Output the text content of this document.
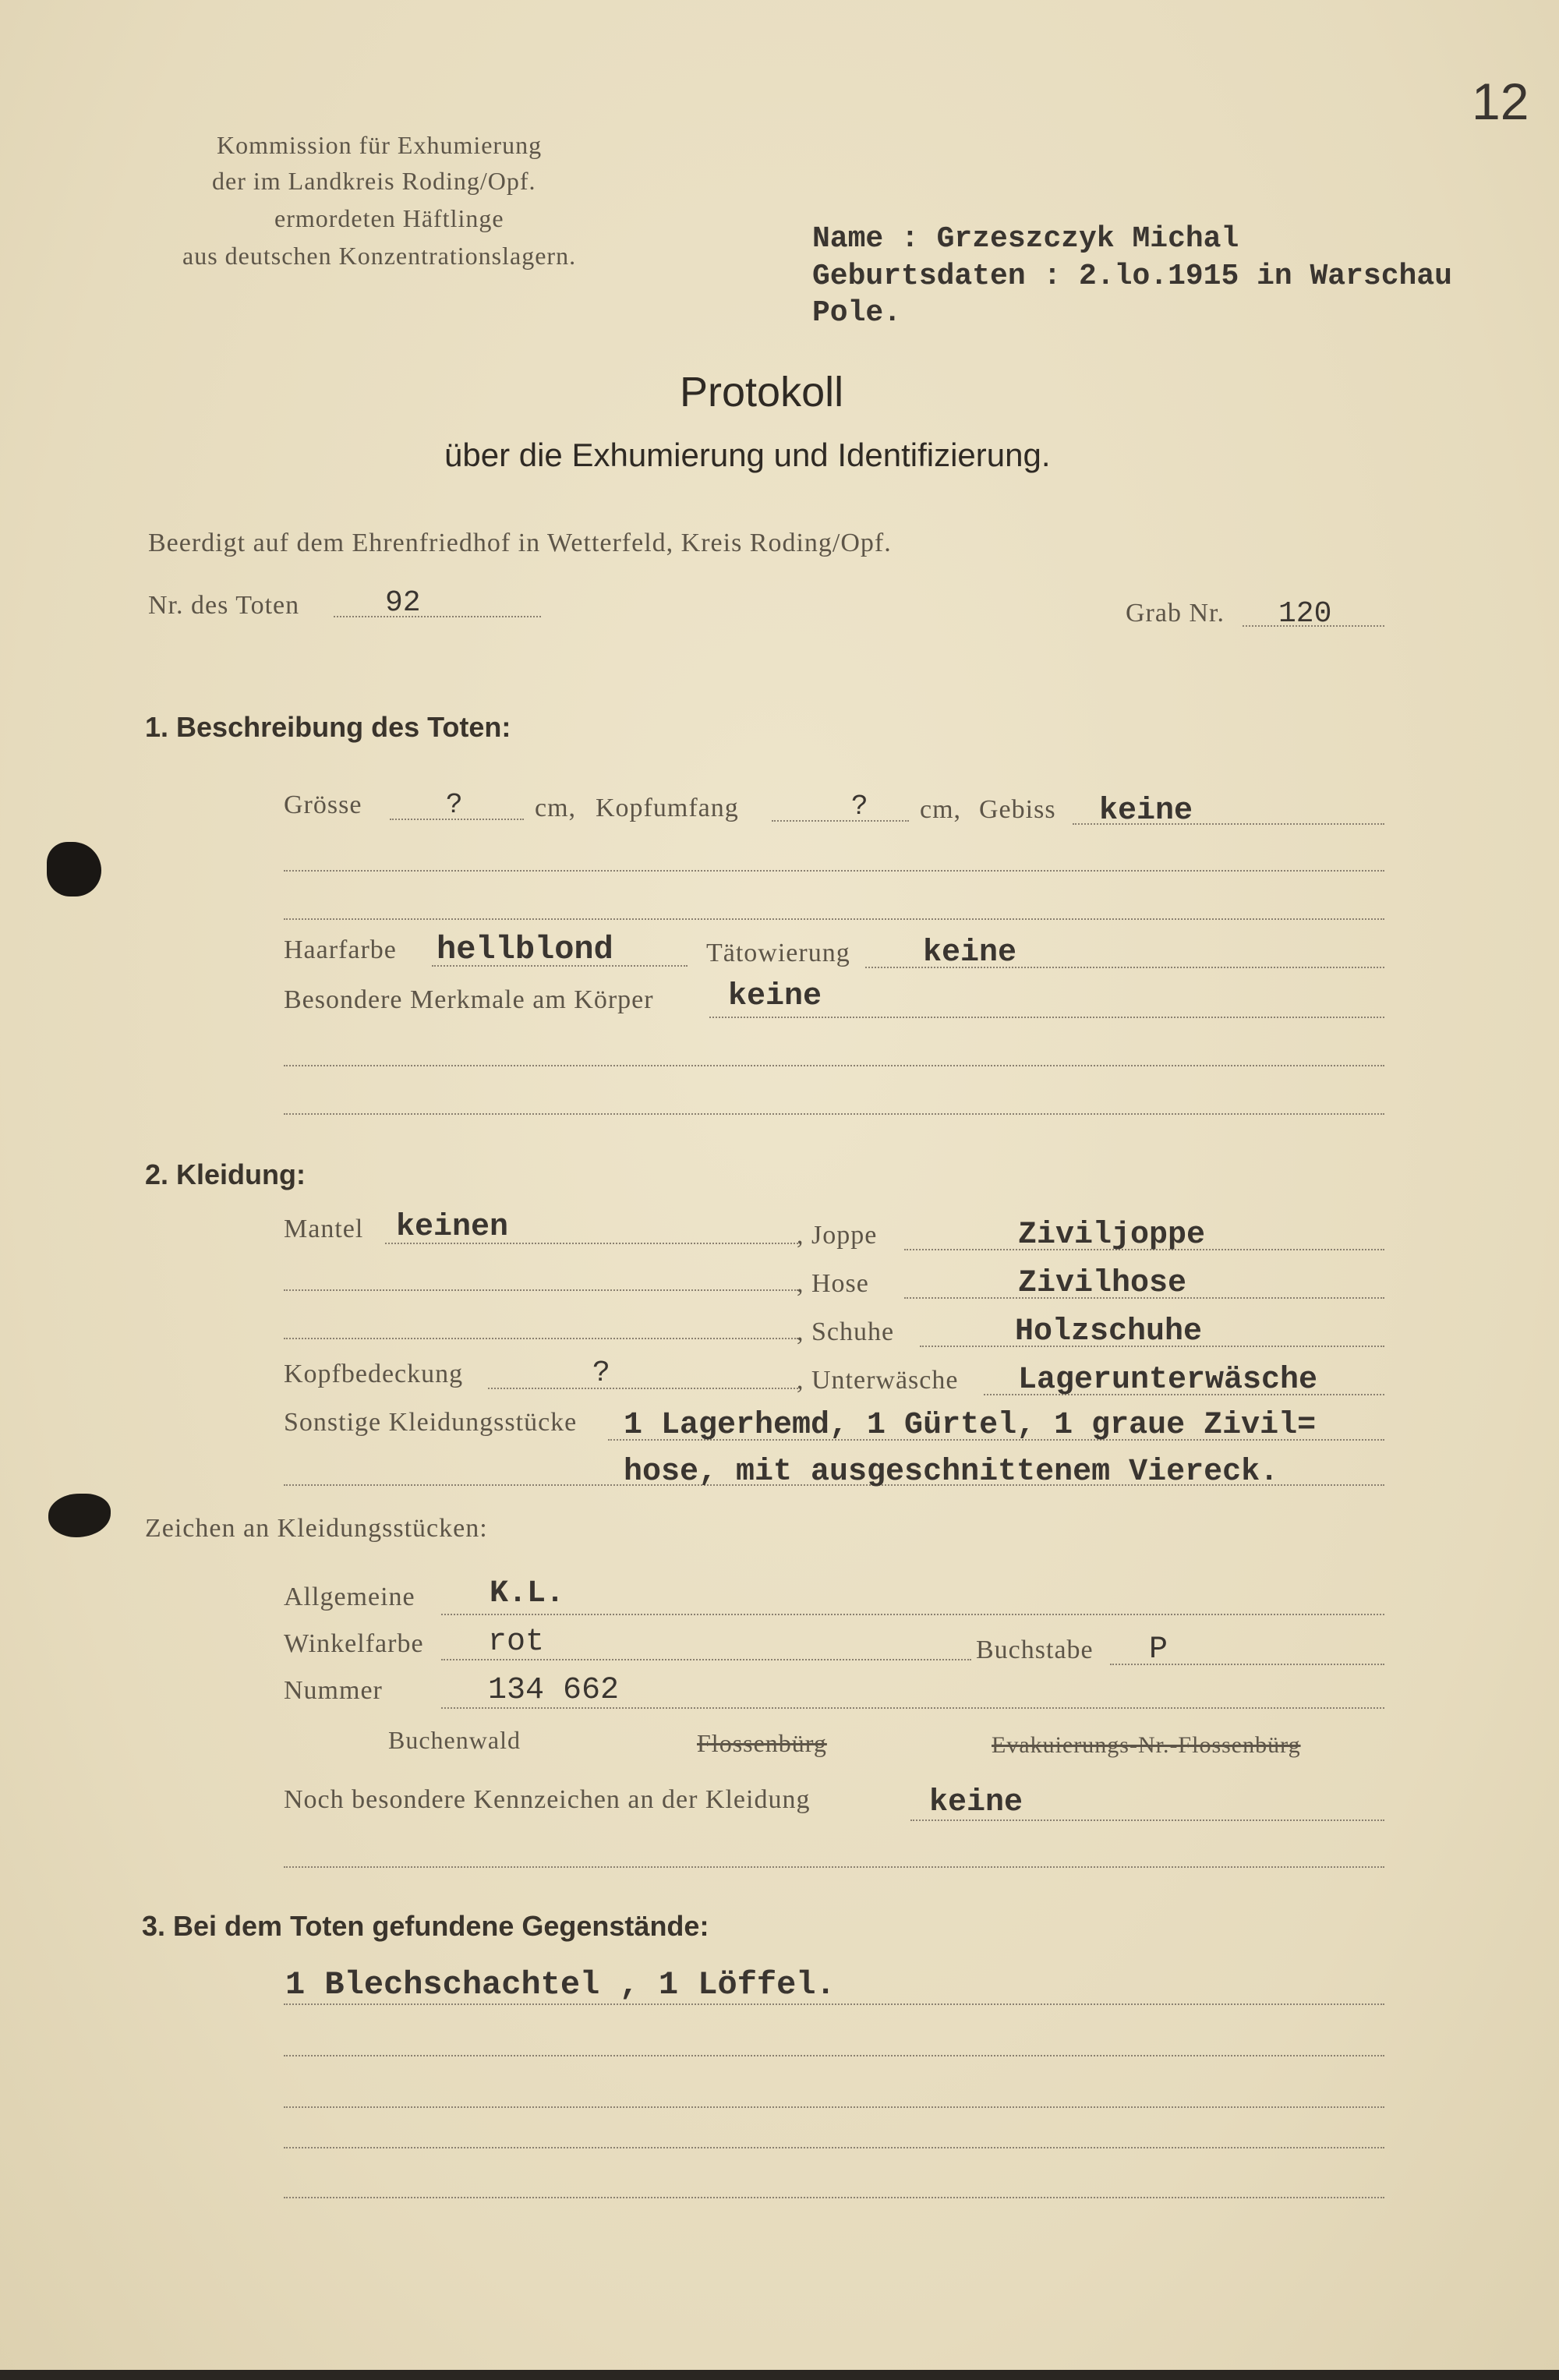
12
Kommission für Exhumierung
der im Landkreis Roding/Opf.
ermordeten Häftlinge
aus deutschen Konzentrationslagern.	Name : Grzeszczyk Michal
Geburtsdaten : 2.lo.1915 in Warschau
Pole.
Protokoll
über die Exhumierung und Identifizierung.
Beerdigt auf dem Ehrenfriedhof in Wetterfeld, Kreis Roding/Opf.
Nr. des Toten	92	Grab Nr. 120
1. Beschreibung des Toten:
Grösse	?	cm, Kopfumfang	? cm, Gebiss keine
Haarfarbe hellblond	Tätowierung keine
Besondere Merkmale am Körper keine
2. Kleidung:
Mantel keinen	, Joppe	Ziviljoppe
, Hose	Zivilhose
, Schuhe	Holzschuhe
Kopfbedeckung	?	, Unterwäsche Lagerunterwäsche
Sonstige Kleidungsstücke 1 Lagerhemd, 1 Gürtel, 1 graue Zivil=
hose, mit ausgeschnittenem Viereck.
Zeichen an Kleidungsstücken:
Allgemeine K.L.
Winkelfarbe rot	Buchstabe P
Nummer	134 662
Buchenwald	Flossenbürg	Evakuierungs-Nr.-Flossenbürg
Noch besondere Kennzeichen an der Kleidung	keine
3. Bei dem Toten gefundene Gegenstände:
1 Blechschachtel , 1 Löffel.
